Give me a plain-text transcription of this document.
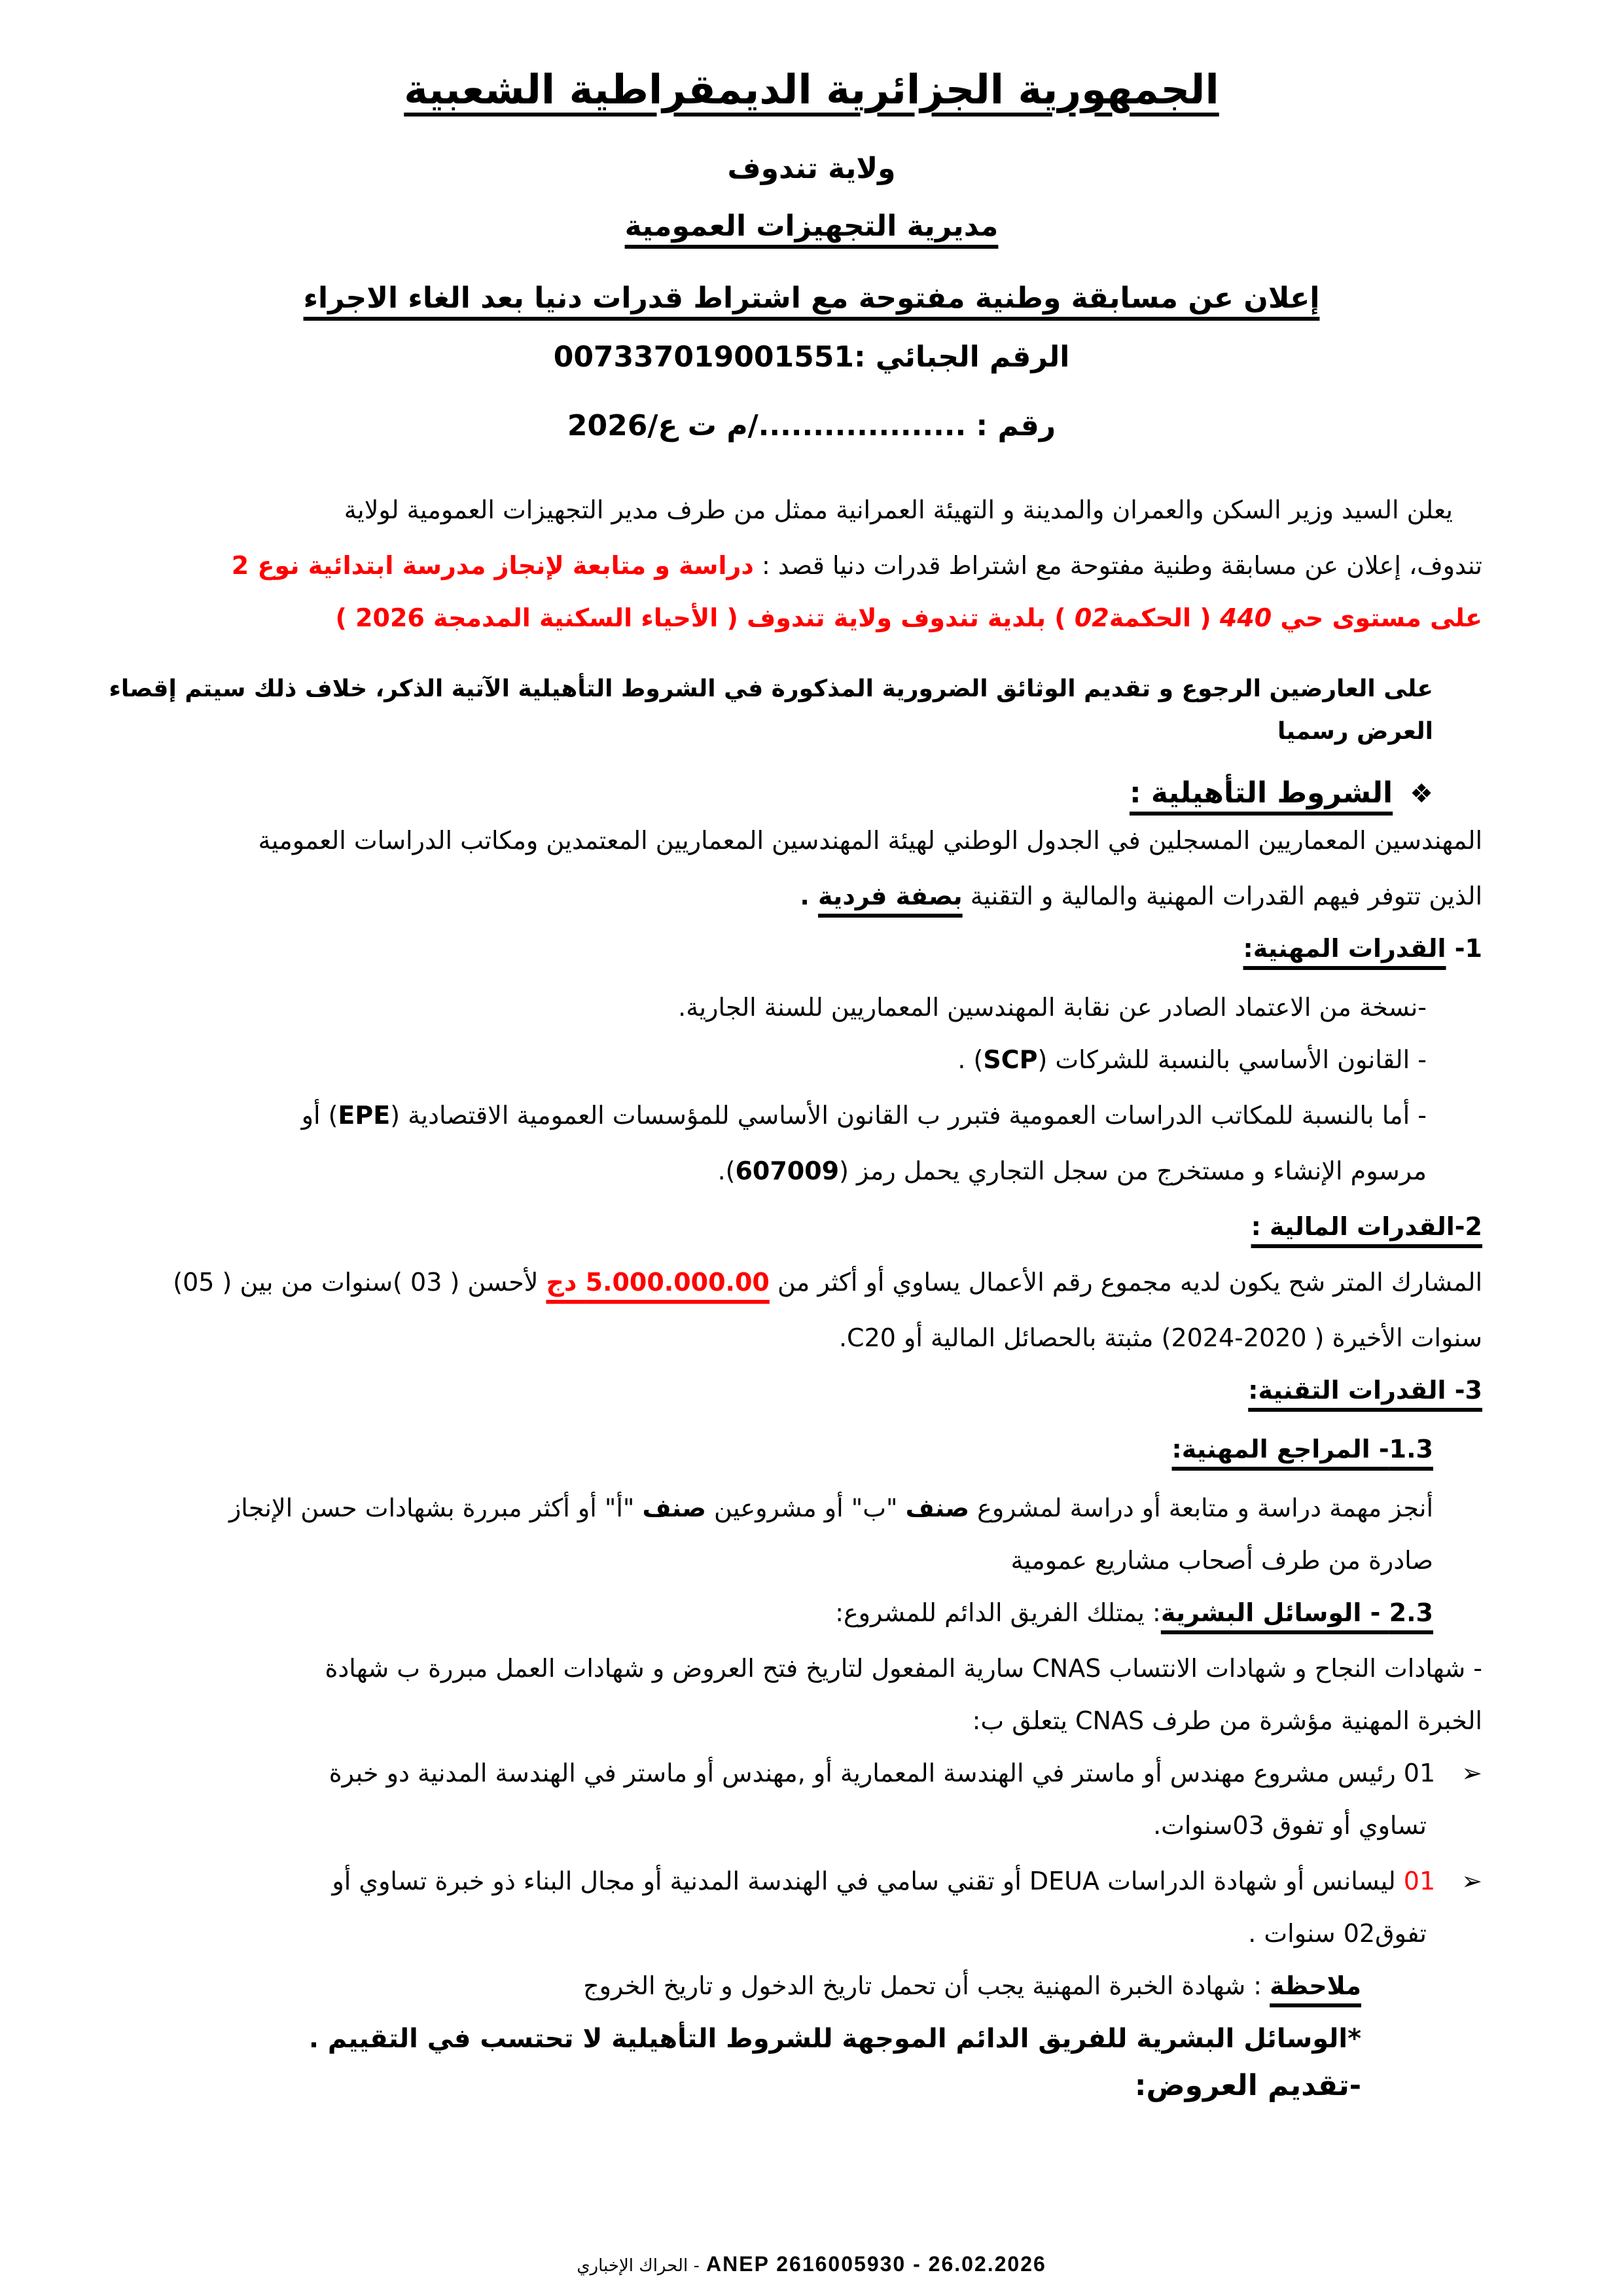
الجمهورية الجزائرية الديمقراطية الشعبية
ولاية تندوف
مديرية التجهيزات العمومية
إعلان عن مسابقة وطنية مفتوحة مع اشتراط قدرات دنيا بعد الغاء الاجراء
الرقم الجبائي :007337019001551
رقم : .................../م ت ع/2026
يعلن السيد وزير السكن والعمران والمدينة و التهيئة العمرانية ممثل من طرف مدير التجهيزات العمومية لولاية
تندوف، إعلان عن مسابقة وطنية مفتوحة مع اشتراط قدرات دنيا قصد : دراسة و متابعة لإنجاز مدرسة ابتدائية نوع 2
على مستوى حي 440 ( الحكمة02 ) بلدية تندوف ولاية تندوف ( الأحياء السكنية المدمجة 2026 )
على العارضين الرجوع و تقديم الوثائق الضرورية المذكورة في الشروط التأهيلية الآتية الذكر، خلاف ذلك سيتم إقصاء
العرض رسميا
❖الشروط التأهيلية :
المهندسين المعماريين المسجلين في الجدول الوطني لهيئة المهندسين المعماريين المعتمدين ومكاتب الدراسات العمومية
الذين تتوفر فيهم القدرات المهنية والمالية و التقنية بصفة فردية .
1- القدرات المهنية:
-نسخة من الاعتماد الصادر عن نقابة المهندسين المعماريين للسنة الجارية.
- القانون الأساسي بالنسبة للشركات (SCP) .
- أما بالنسبة للمكاتب الدراسات العمومية فتبرر ب القانون الأساسي للمؤسسات العمومية الاقتصادية (EPE) أو
مرسوم الإنشاء و مستخرج من سجل التجاري يحمل رمز (607009).
2-القدرات المالية :
المشارك المتر شح يكون لديه مجموع رقم الأعمال يساوي أو أكثر من 5.000.000.00 دج لأحسن ( 03 )سنوات من بين ( 05)
سنوات الأخيرة ( 2020-2024) مثبتة بالحصائل المالية أو C20.
3- القدرات التقنية:
1.3- المراجع المهنية:
أنجز مهمة دراسة و متابعة أو دراسة لمشروع صنف "ب" أو مشروعين صنف "أ" أو أكثر مبررة بشهادات حسن الإنجاز
صادرة من طرف أصحاب مشاريع عمومية
2.3 - الوسائل البشرية: يمتلك الفريق الدائم للمشروع:
- شهادات النجاح و شهادات الانتساب CNAS سارية المفعول لتاريخ فتح العروض و شهادات العمل مبررة ب شهادة
الخبرة المهنية مؤشرة من طرف CNAS يتعلق ب:
➢01 رئيس مشروع مهندس أو ماستر في الهندسة المعمارية أو ,مهندس أو ماستر في الهندسة المدنية دو خبرة
تساوي أو تفوق 03سنوات.
➢01 ليسانس أو شهادة الدراسات DEUA أو تقني سامي في الهندسة المدنية أو مجال البناء ذو خبرة تساوي أو
تفوق02 سنوات .
ملاحظة : شهادة الخبرة المهنية يجب أن تحمل تاريخ الدخول و تاريخ الخروج
*الوسائل البشرية للفريق الدائم الموجهة للشروط التأهيلية لا تحتسب في التقييم .
-تقديم العروض:
- الحراك الإخباري ANEP 2616005930 - 26.02.2026
